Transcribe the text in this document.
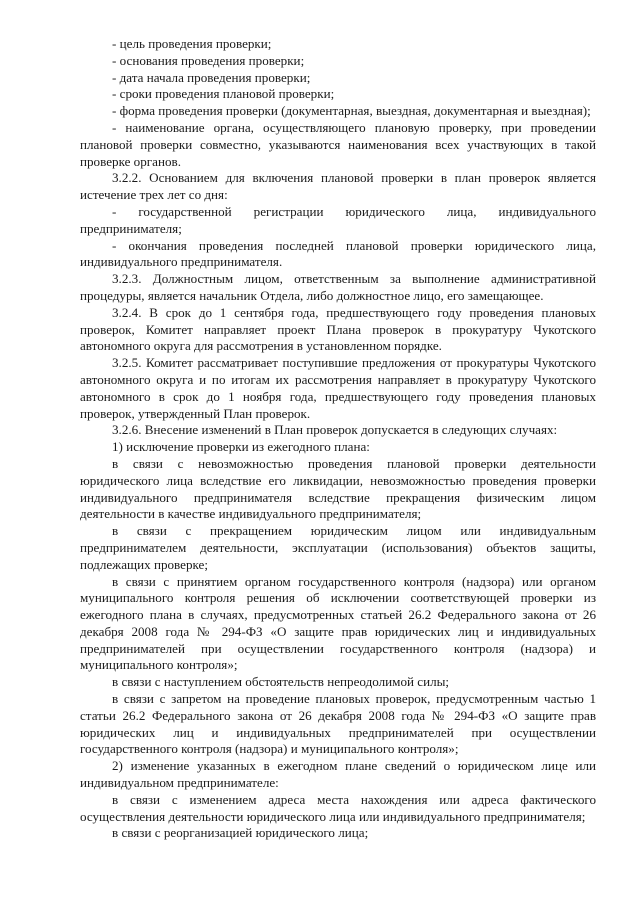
- цель проведения проверки;

- основания проведения проверки;

- дата начала проведения проверки;

- сроки проведения плановой проверки;

- форма проведения проверки (документарная, выездная, документарная и выездная);

- наименование органа, осуществляющего плановую проверку, при проведении плановой проверки совместно, указываются наименования всех участвующих в такой проверке органов.

3.2.2. Основанием для включения плановой проверки в план проверок является истечение трех лет со дня:

- государственной регистрации юридического лица, индивидуального предпринимателя;

- окончания проведения последней плановой проверки юридического лица, индивидуального предпринимателя.

3.2.3. Должностным лицом, ответственным за выполнение административной процедуры, является начальник Отдела, либо должностное лицо, его замещающее.

3.2.4. В срок до 1 сентября года, предшествующего году проведения плановых проверок, Комитет направляет проект Плана проверок в прокуратуру Чукотского автономного округа для рассмотрения в установленном порядке.

3.2.5. Комитет рассматривает поступившие предложения от прокуратуры Чукотского автономного округа и по итогам их рассмотрения направляет в прокуратуру Чукотского автономного в срок до 1 ноября года, предшествующего году проведения плановых проверок, утвержденный План проверок.

3.2.6. Внесение изменений в План проверок допускается в следующих случаях:

1) исключение проверки из ежегодного плана:

в связи с невозможностью проведения плановой проверки деятельности юридического лица вследствие его ликвидации, невозможностью проведения проверки индивидуального предпринимателя вследствие прекращения физическим лицом деятельности в качестве индивидуального предпринимателя;

в связи с прекращением юридическим лицом или индивидуальным предпринимателем деятельности, эксплуатации (использования) объектов защиты, подлежащих проверке;

в связи с принятием органом государственного контроля (надзора) или органом муниципального контроля решения об исключении соответствующей проверки из ежегодного плана в случаях, предусмотренных статьей 26.2 Федерального закона от 26 декабря 2008 года № 294-ФЗ «О защите прав юридических лиц и индивидуальных предпринимателей при осуществлении государственного контроля (надзора) и муниципального контроля»;

в связи с наступлением обстоятельств непреодолимой силы;

в связи с запретом на проведение плановых проверок, предусмотренным частью 1 статьи 26.2 Федерального закона от 26 декабря 2008 года № 294-ФЗ «О защите прав юридических лиц и индивидуальных предпринимателей при осуществлении государственного контроля (надзора) и муниципального контроля»;

2) изменение указанных в ежегодном плане сведений о юридическом лице или индивидуальном предпринимателе:

в связи с изменением адреса места нахождения или адреса фактического осуществления деятельности юридического лица или индивидуального предпринимателя;

в связи с реорганизацией юридического лица;
